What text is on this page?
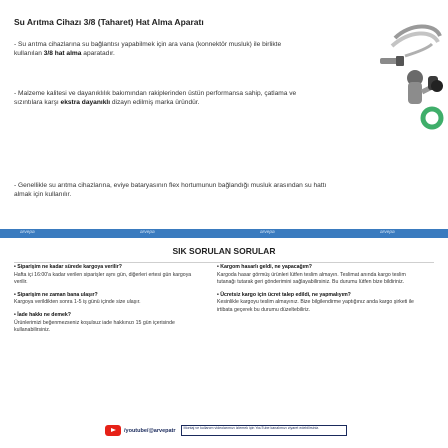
Su Arıtma Cihazı 3/8 (Taharet) Hat Alma Aparatı
- Su arıtma cihazlarına su bağlantısı yapabilmek için ara vana (konnektör musluk) ile birlikte kullanılan 3/8 hat alma aparatadır.
- Malzeme kalitesi ve dayanıklılık bakımından rakiplerinden üstün performansa sahip, çatlama ve sızıntılara karşı ekstra dayanıklı dizayn edilmiş marka üründür.
- Genellikle su arıtma cihazlarına, eviye bataryasının flex hortumunun bağlandığı musluk arasından su hattı almak için kullanılır.
arvepa	arvepa	arvepa	arvepa
SIK SORULAN SORULAR
• Siparişim ne kadar sürede kargoya verilir?
Hafta içi 16:00'a kadar verilen siparişler aynı gün, diğerleri ertesi gün kargoya verilir.
• Siparişim ne zaman bana ulaşır?
Kargoya verildikten sonra 1-5 iş günü içinde size ulaşır.
• İade hakkı ne demek?
Ürünlerimizi beğenmezseniz koşulsuz iade hakkınızı 15 gün içerisinde kullanabilirsiniz.
• Kargom hasarlı geldi, ne yapacağım?
Kargoda hasar görmüş ürünleri lütfen teslim almayın. Teslimat anında kargo teslim tutanağı tutarak geri gönderimini sağlayabilirsiniz. Bu durumu lütfen bize bildiriniz.
• Ücretsiz kargo için ücret talep edildi, ne yapmalıyım?
Kesinlikle kargoyu teslim almayınız. Bize bilgilendirme yaptığınız anda kargo şirketi ile irtibata geçerek bu durumu düzeltebiliriz.
/youtube/@arvepatr	Montaj ve kullanım videolarımızı izlemek için YouTube kanalımızı ziyaret edebilirsiniz.
